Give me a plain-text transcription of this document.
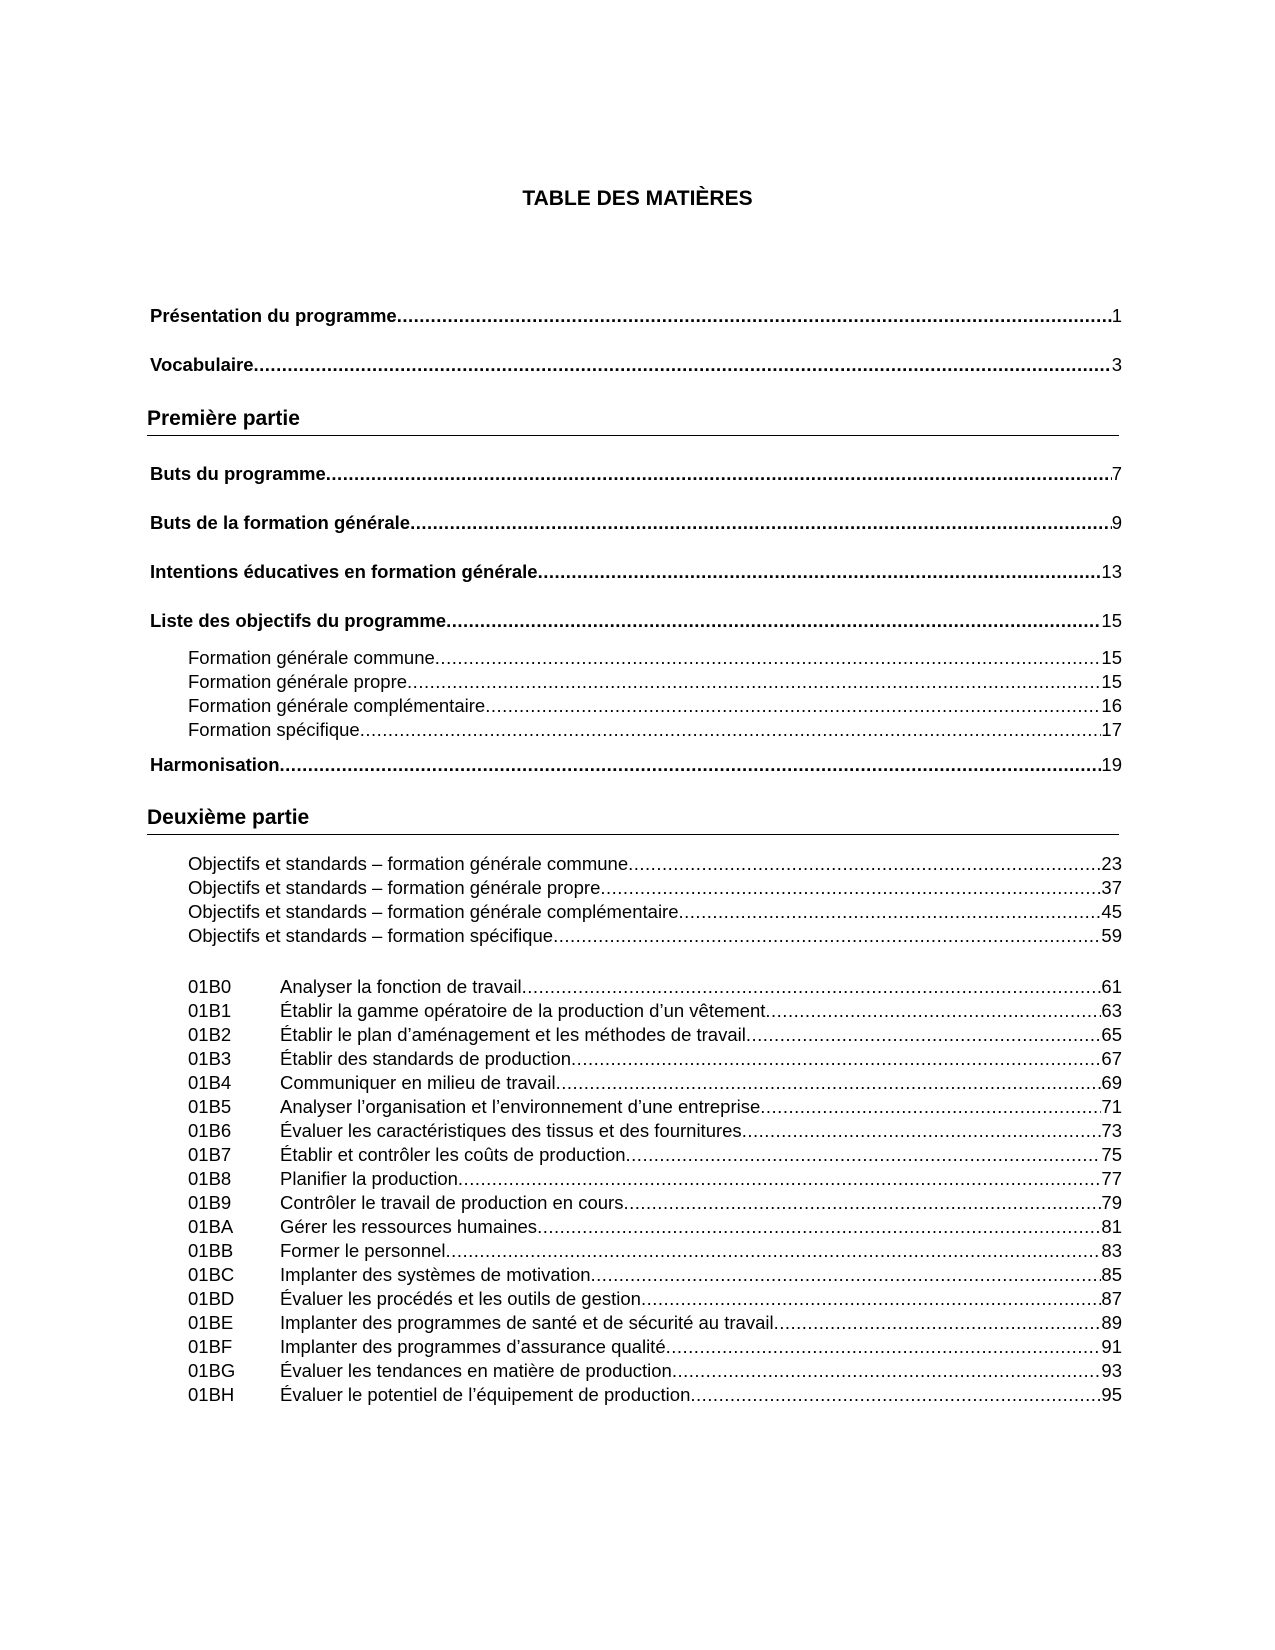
TABLE DES MATIÈRES
Présentation du programme .....	1
Vocabulaire .....	3
Première partie
Buts du programme .....	7
Buts de la formation générale .....	9
Intentions éducatives en formation générale .....	13
Liste des objectifs du programme .....	15
Formation générale commune .....	15
Formation générale propre .....	15
Formation générale complémentaire .....	16
Formation spécifique .....	17
Harmonisation .....	19
Deuxième partie
Objectifs et standards – formation générale commune .....	23
Objectifs et standards – formation générale propre .....	37
Objectifs et standards – formation générale complémentaire .....	45
Objectifs et standards – formation spécifique .....	59
01B0	Analyser la fonction de travail .....	61
01B1	Établir la gamme opératoire de la production d’un vêtement .....	63
01B2	Établir le plan d’aménagement et les méthodes de travail .....	65
01B3	Établir des standards de production .....	67
01B4	Communiquer en milieu de travail .....	69
01B5	Analyser l’organisation et l’environnement d’une entreprise .....	71
01B6	Évaluer les caractéristiques des tissus et des fournitures .....	73
01B7	Établir et contrôler les coûts de production .....	75
01B8	Planifier la production .....	77
01B9	Contrôler le travail de production en cours .....	79
01BA	Gérer les ressources humaines .....	81
01BB	Former le personnel .....	83
01BC	Implanter des systèmes de motivation .....	85
01BD	Évaluer les procédés et les outils de gestion .....	87
01BE	Implanter des programmes de santé et de sécurité au travail .....	89
01BF	Implanter des programmes d’assurance qualité .....	91
01BG	Évaluer les tendances en matière de production .....	93
01BH	Évaluer le potentiel de l’équipement de production .....	95
